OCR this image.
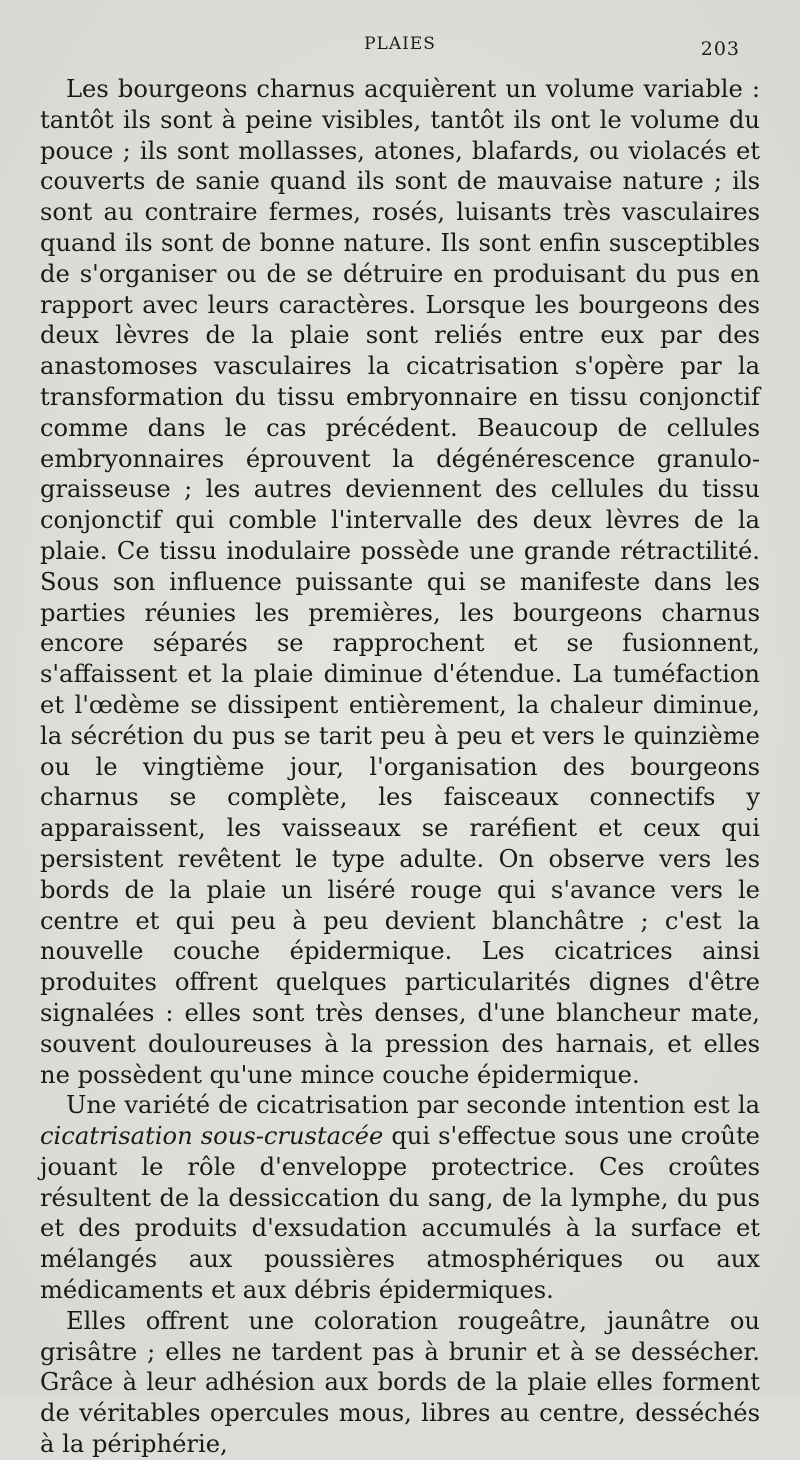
PLAIES	203

Les bourgeons charnus acquièrent un volume variable : tantôt ils sont à peine visibles, tantôt ils ont le volume du pouce ; ils sont mollasses, atones, blafards, ou violacés et couverts de sanie quand ils sont de mauvaise nature ; ils sont au contraire fermes, rosés, luisants très vasculaires quand ils sont de bonne nature. Ils sont enfin susceptibles de s'organiser ou de se détruire en produisant du pus en rapport avec leurs caractères. Lorsque les bourgeons des deux lèvres de la plaie sont reliés entre eux par des anastomoses vasculaires la cicatrisation s'opère par la transformation du tissu embryonnaire en tissu conjonctif comme dans le cas précédent. Beaucoup de cellules embryonnaires éprouvent la dégénérescence granulo-graisseuse ; les autres deviennent des cellules du tissu conjonctif qui comble l'intervalle des deux lèvres de la plaie. Ce tissu inodulaire possède une grande rétractilité. Sous son influence puissante qui se manifeste dans les parties réunies les premières, les bourgeons charnus encore séparés se rapprochent et se fusionnent, s'affaissent et la plaie diminue d'étendue. La tuméfaction et l'œdème se dissipent entièrement, la chaleur diminue, la sécrétion du pus se tarit peu à peu et vers le quinzième ou le vingtième jour, l'organisation des bourgeons charnus se complète, les faisceaux connectifs y apparaissent, les vaisseaux se raréfient et ceux qui persistent revêtent le type adulte. On observe vers les bords de la plaie un liséré rouge qui s'avance vers le centre et qui peu à peu devient blanchâtre ; c'est la nouvelle couche épidermique. Les cicatrices ainsi produites offrent quelques particularités dignes d'être signalées : elles sont très denses, d'une blancheur mate, souvent douloureuses à la pression des harnais, et elles ne possèdent qu'une mince couche épidermique.

Une variété de cicatrisation par seconde intention est la cicatrisation sous-crustacée qui s'effectue sous une croûte jouant le rôle d'enveloppe protectrice. Ces croûtes résultent de la dessiccation du sang, de la lymphe, du pus et des produits d'exsudation accumulés à la surface et mélangés aux poussières atmosphériques ou aux médicaments et aux débris épidermiques.

Elles offrent une coloration rougeâtre, jaunâtre ou grisâtre ; elles ne tardent pas à brunir et à se dessécher. Grâce à leur adhésion aux bords de la plaie elles forment de véritables opercules mous, libres au centre, desséchés à la périphérie,
